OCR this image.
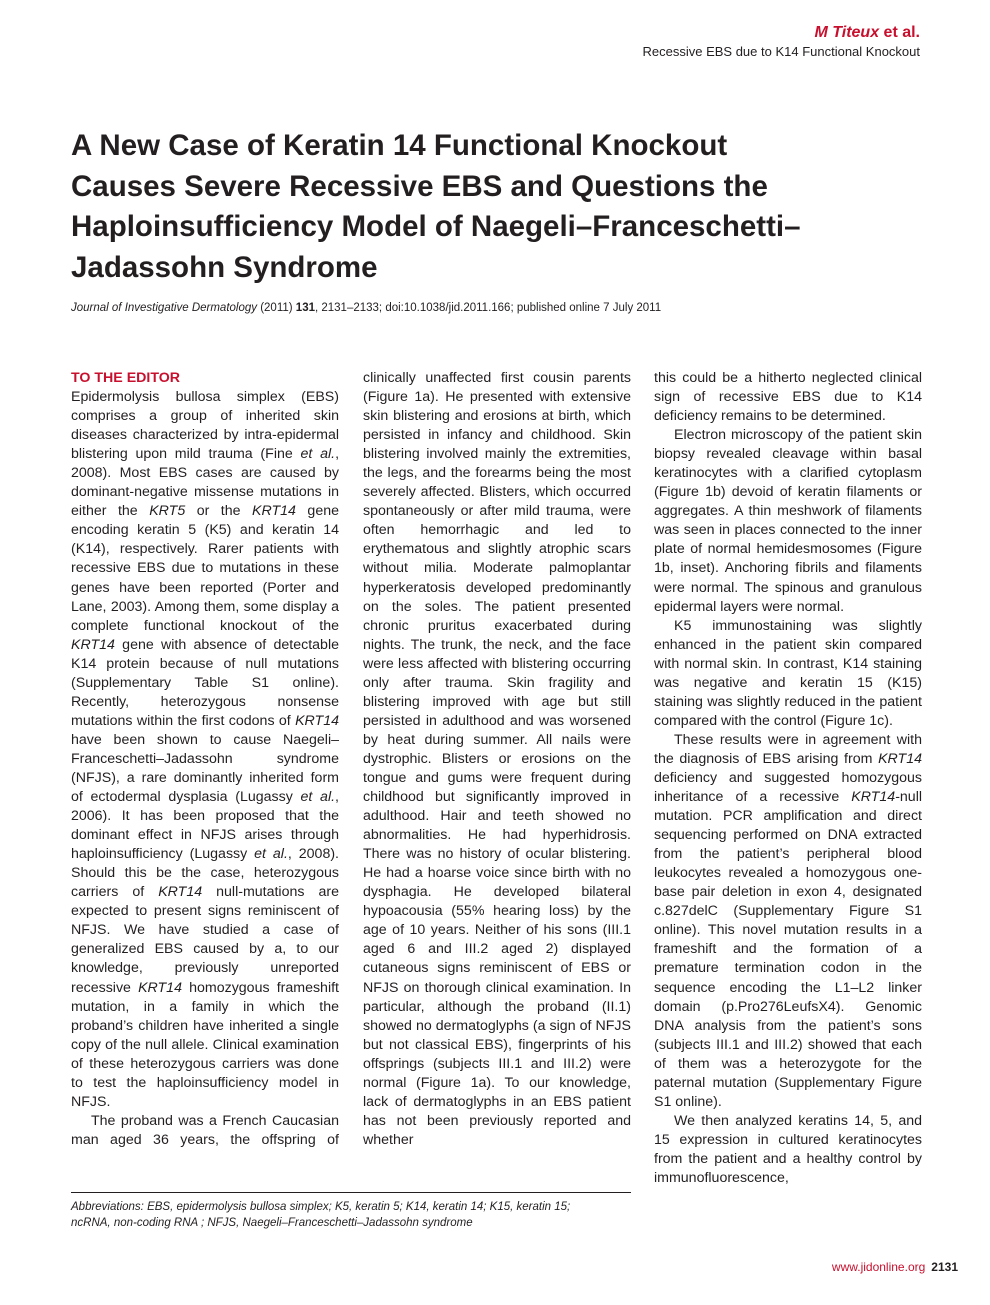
M Titeux et al.
Recessive EBS due to K14 Functional Knockout
A New Case of Keratin 14 Functional Knockout
Causes Severe Recessive EBS and Questions the
Haploinsufficiency Model of Naegeli–Franceschetti–
Jadassohn Syndrome
Journal of Investigative Dermatology (2011) 131, 2131–2133; doi:10.1038/jid.2011.166; published online 7 July 2011
TO THE EDITOR

Epidermolysis bullosa simplex (EBS) comprises a group of inherited skin diseases characterized by intra-epidermal blistering upon mild trauma (Fine et al., 2008). Most EBS cases are caused by dominant-negative missense mutations in either the KRT5 or the KRT14 gene encoding keratin 5 (K5) and keratin 14 (K14), respectively. Rarer patients with recessive EBS due to mutations in these genes have been reported (Porter and Lane, 2003). Among them, some display a complete functional knockout of the KRT14 gene with absence of detectable K14 protein because of null mutations (Supplementary Table S1 online). Recently, heterozygous nonsense mutations within the first codons of KRT14 have been shown to cause Naegeli–Franceschetti–Jadassohn syndrome (NFJS), a rare dominantly inherited form of ectodermal dysplasia (Lugassy et al., 2006). It has been proposed that the dominant effect in NFJS arises through haploinsufficiency (Lugassy et al., 2008). Should this be the case, heterozygous carriers of KRT14 null-mutations are expected to present signs reminiscent of NFJS. We have studied a case of generalized EBS caused by a, to our knowledge, previously unreported recessive KRT14 homozygous frameshift mutation, in a family in which the proband’s children have inherited a single copy of the null allele. Clinical examination of these heterozygous carriers was done to test the haploinsufficiency model in NFJS.

The proband was a French Caucasian man aged 36 years, the offspring of

clinically unaffected first cousin parents (Figure 1a). He presented with extensive skin blistering and erosions at birth, which persisted in infancy and childhood. Skin blistering involved mainly the extremities, the legs, and the forearms being the most severely affected. Blisters, which occurred spontaneously or after mild trauma, were often hemorrhagic and led to erythematous and slightly atrophic scars without milia. Moderate palmoplantar hyperkeratosis developed predominantly on the soles. The patient presented chronic pruritus exacerbated during nights. The trunk, the neck, and the face were less affected with blistering occurring only after trauma. Skin fragility and blistering improved with age but still persisted in adulthood and was worsened by heat during summer. All nails were dystrophic. Blisters or erosions on the tongue and gums were frequent during childhood but significantly improved in adulthood. Hair and teeth showed no abnormalities. He had hyperhidrosis. There was no history of ocular blistering. He had a hoarse voice since birth with no dysphagia. He developed bilateral hypoacousia (55% hearing loss) by the age of 10 years. Neither of his sons (III.1 aged 6 and III.2 aged 2) displayed cutaneous signs reminiscent of EBS or NFJS on thorough clinical examination. In particular, although the proband (II.1) showed no dermatoglyphs (a sign of NFJS but not classical EBS), fingerprints of his offsprings (subjects III.1 and III.2) were normal (Figure 1a). To our knowledge, lack of dermatoglyphs in an EBS patient has not been previously reported and whether

this could be a hitherto neglected clinical sign of recessive EBS due to K14 deficiency remains to be determined.

Electron microscopy of the patient skin biopsy revealed cleavage within basal keratinocytes with a clarified cytoplasm (Figure 1b) devoid of keratin filaments or aggregates. A thin meshwork of filaments was seen in places connected to the inner plate of normal hemidesmosomes (Figure 1b, inset). Anchoring fibrils and filaments were normal. The spinous and granulous epidermal layers were normal.

K5 immunostaining was slightly enhanced in the patient skin compared with normal skin. In contrast, K14 staining was negative and keratin 15 (K15) staining was slightly reduced in the patient compared with the control (Figure 1c).

These results were in agreement with the diagnosis of EBS arising from KRT14 deficiency and suggested homozygous inheritance of a recessive KRT14-null mutation. PCR amplification and direct sequencing performed on DNA extracted from the patient’s peripheral blood leukocytes revealed a homozygous one-base pair deletion in exon 4, designated c.827delC (Supplementary Figure S1 online). This novel mutation results in a frameshift and the formation of a premature termination codon in the sequence encoding the L1–L2 linker domain (p.Pro276LeufsX4). Genomic DNA analysis from the patient’s sons (subjects III.1 and III.2) showed that each of them was a heterozygote for the paternal mutation (Supplementary Figure S1 online).

We then analyzed keratins 14, 5, and 15 expression in cultured keratinocytes from the patient and a healthy control by immunofluorescence,

Abbreviations: EBS, epidermolysis bullosa simplex; K5, keratin 5; K14, keratin 14; K15, keratin 15;
ncRNA, non-coding RNA ; NFJS, Naegeli–Franceschetti–Jadassohn syndrome
www.jidonline.org 2131
